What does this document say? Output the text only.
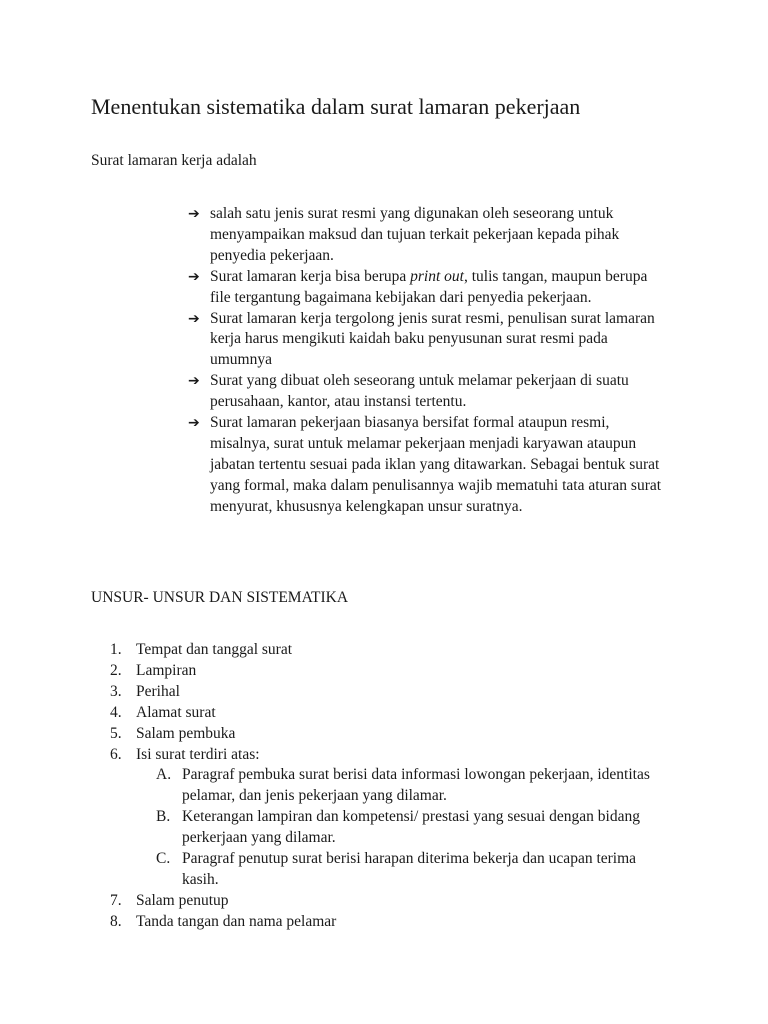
Menentukan sistematika dalam surat lamaran pekerjaan
Surat lamaran kerja adalah
➔ salah satu jenis surat resmi yang digunakan oleh seseorang untuk menyampaikan maksud dan tujuan terkait pekerjaan kepada pihak penyedia pekerjaan.
➔ Surat lamaran kerja bisa berupa print out, tulis tangan, maupun berupa file tergantung bagaimana kebijakan dari penyedia pekerjaan.
➔ Surat lamaran kerja tergolong jenis surat resmi, penulisan surat lamaran kerja harus mengikuti kaidah baku penyusunan surat resmi pada umumnya
➔ Surat yang dibuat oleh seseorang untuk melamar pekerjaan di suatu perusahaan, kantor, atau instansi tertentu.
➔ Surat lamaran pekerjaan biasanya bersifat formal ataupun resmi, misalnya, surat untuk melamar pekerjaan menjadi karyawan ataupun jabatan tertentu sesuai pada iklan yang ditawarkan. Sebagai bentuk surat yang formal, maka dalam penulisannya wajib mematuhi tata aturan surat menyurat, khususnya kelengkapan unsur suratnya.
UNSUR- UNSUR DAN SISTEMATIKA
1. Tempat dan tanggal surat
2. Lampiran
3. Perihal
4. Alamat surat
5. Salam pembuka
6. Isi surat terdiri atas:
A. Paragraf pembuka surat berisi data informasi lowongan pekerjaan, identitas pelamar, dan jenis pekerjaan yang dilamar.
B. Keterangan lampiran dan kompetensi/ prestasi yang sesuai dengan bidang perkerjaan yang dilamar.
C. Paragraf penutup surat berisi harapan diterima bekerja dan ucapan terima kasih.
7. Salam penutup
8. Tanda tangan dan nama pelamar
